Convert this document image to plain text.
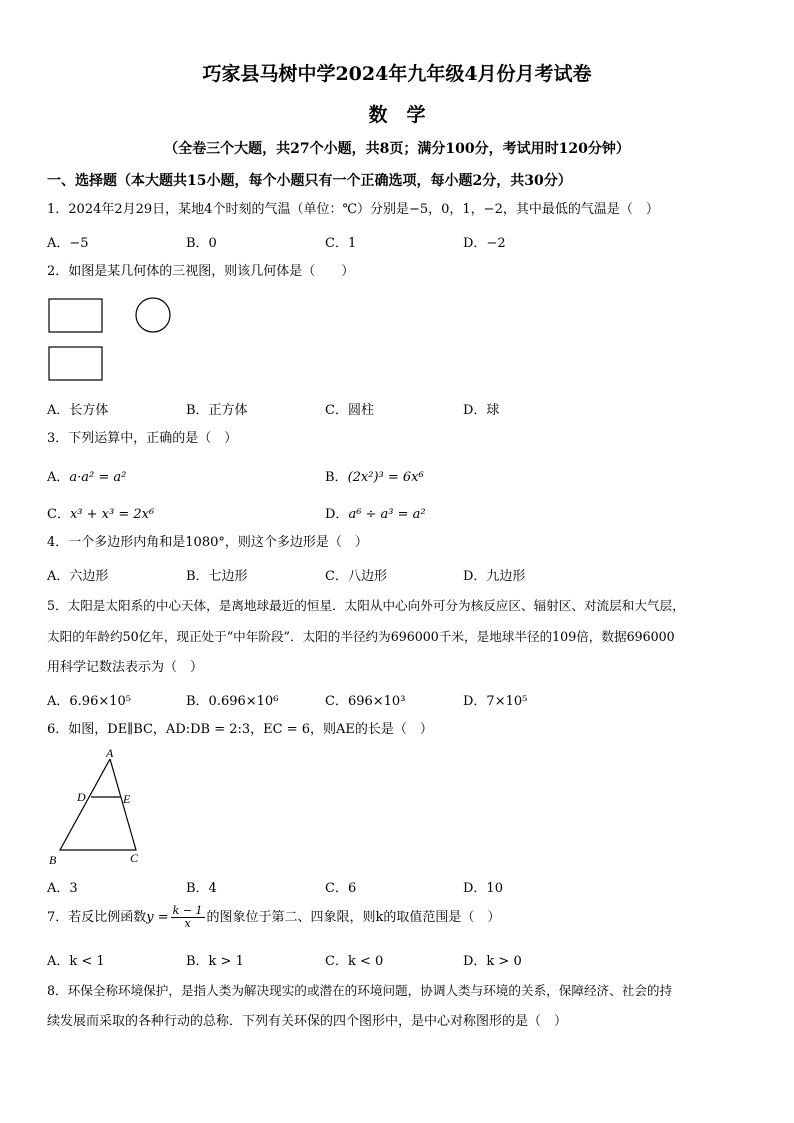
巧家县马树中学2024年九年级4月份月考试卷
数　学
（全卷三个大题，共27个小题，共8页；满分100分，考试用时120分钟）
一、选择题（本大题共15小题，每个小题只有一个正确选项，每小题2分，共30分）
1．2024年2月29日，某地4个时刻的气温（单位：℃）分别是−5，0，1，−2，其中最低的气温是（　）
A．−5	B．0	C．1	D．−2
2．如图是某几何体的三视图，则该几何体是（　　）
A．长方体	B．正方体	C．圆柱	D．球
3．下列运算中，正确的是（　）
A．a·a² = a²	B．(2x²)³ = 6x⁶
C．x³ + x³ = 2x⁶	D．a⁶ ÷ a³ = a²
4．一个多边形内角和是1080°，则这个多边形是（　）
A．六边形	B．七边形	C．八边形	D．九边形
5．太阳是太阳系的中心天体，是离地球最近的恒星．太阳从中心向外可分为核反应区、辐射区、对流层和大气层，
太阳的年龄约50亿年，现正处于“中年阶段”．太阳的半径约为696000千米，是地球半径的109倍，数据696000
用科学记数法表示为（　）
A．6.96×10⁵	B．0.696×10⁶	C．696×10³	D．7×10⁵
6．如图，DE∥BC，AD:DB = 2:3，EC = 6，则AE的长是（　）
A
D	E
B	C
A．3	B．4	C．6	D．10
7．若反比例函数$y = \frac{k - 1}{x}$ 的图象位于第二、四象限，则k的取值范围是（　）
A．k < 1	B．k > 1	C．k < 0	D．k > 0
8．环保全称环境保护，是指人类为解决现实的或潜在的环境问题，协调人类与环境的关系，保障经济、社会的持
续发展而采取的各种行动的总称．下列有关环保的四个图形中，是中心对称图形的是（　）
